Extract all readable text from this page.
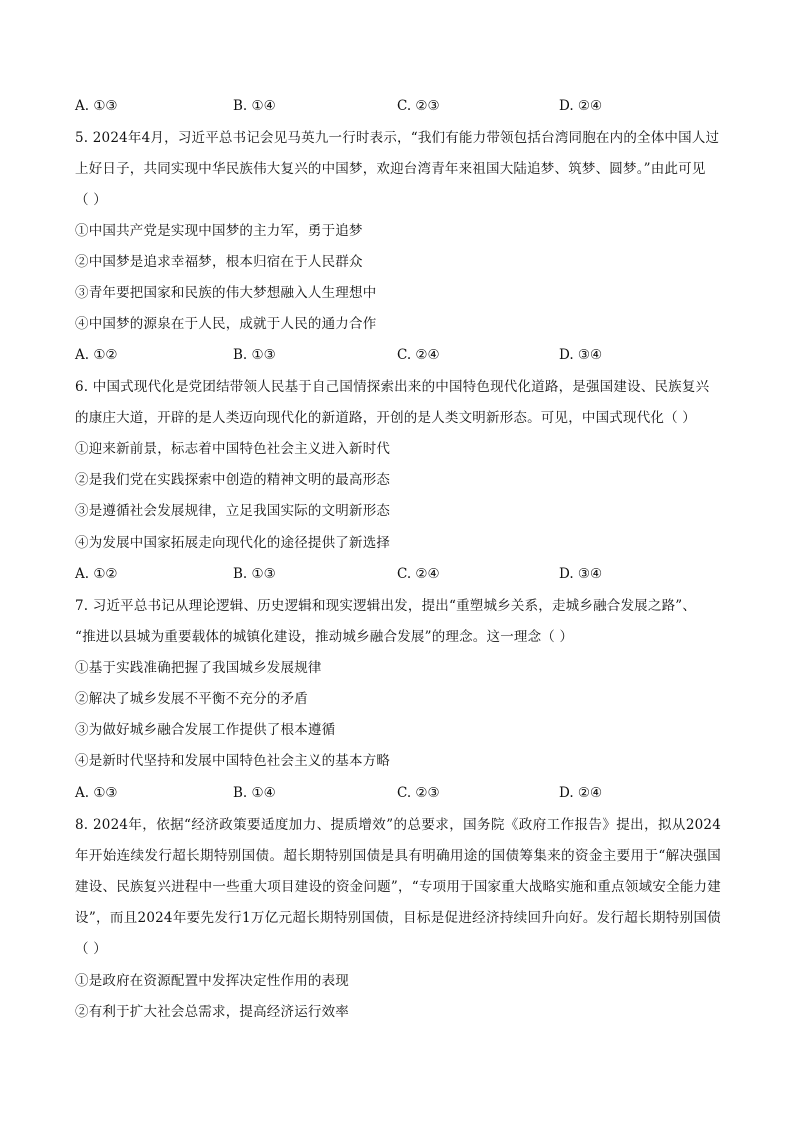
A. ①③	B. ①④	C. ②③	D. ②④
5. 2024年4月，习近平总书记会见马英九一行时表示，“我们有能力带领包括台湾同胞在内的全体中国人过
上好日子，共同实现中华民族伟大复兴的中国梦，欢迎台湾青年来祖国大陆追梦、筑梦、圆梦。”由此可见
（ ）
①中国共产党是实现中国梦的主力军，勇于追梦
②中国梦是追求幸福梦，根本归宿在于人民群众
③青年要把国家和民族的伟大梦想融入人生理想中
④中国梦的源泉在于人民，成就于人民的通力合作
A. ①②	B. ①③	C. ②④	D. ③④
6. 中国式现代化是党团结带领人民基于自己国情探索出来的中国特色现代化道路，是强国建设、民族复兴
的康庄大道，开辟的是人类迈向现代化的新道路，开创的是人类文明新形态。可见，中国式现代化（ ）
①迎来新前景，标志着中国特色社会主义进入新时代
②是我们党在实践探索中创造的精神文明的最高形态
③是遵循社会发展规律，立足我国实际的文明新形态
④为发展中国家拓展走向现代化的途径提供了新选择
A. ①②	B. ①③	C. ②④	D. ③④
7. 习近平总书记从理论逻辑、历史逻辑和现实逻辑出发，提出“重塑城乡关系，走城乡融合发展之路”、
“推进以县城为重要载体的城镇化建设，推动城乡融合发展”的理念。这一理念（ ）
①基于实践准确把握了我国城乡发展规律
②解决了城乡发展不平衡不充分的矛盾
③为做好城乡融合发展工作提供了根本遵循
④是新时代坚持和发展中国特色社会主义的基本方略
A. ①③	B. ①④	C. ②③	D. ②④
8. 2024年，依据“经济政策要适度加力、提质增效”的总要求，国务院《政府工作报告》提出，拟从2024年开始连续发行超长期特别国债。超长期特别国债是具有明确用途的国债筹集来的资金主要用于“解决强国建设、民族复兴进程中一些重大项目建设的资金问题”，“专项用于国家重大战略实施和重点领域安全能力建设”，而且2024年要先发行1万亿元超长期特别国债，目标是促进经济持续回升向好。发行超长期特别国债（ ）
①是政府在资源配置中发挥决定性作用的表现
②有利于扩大社会总需求，提高经济运行效率
